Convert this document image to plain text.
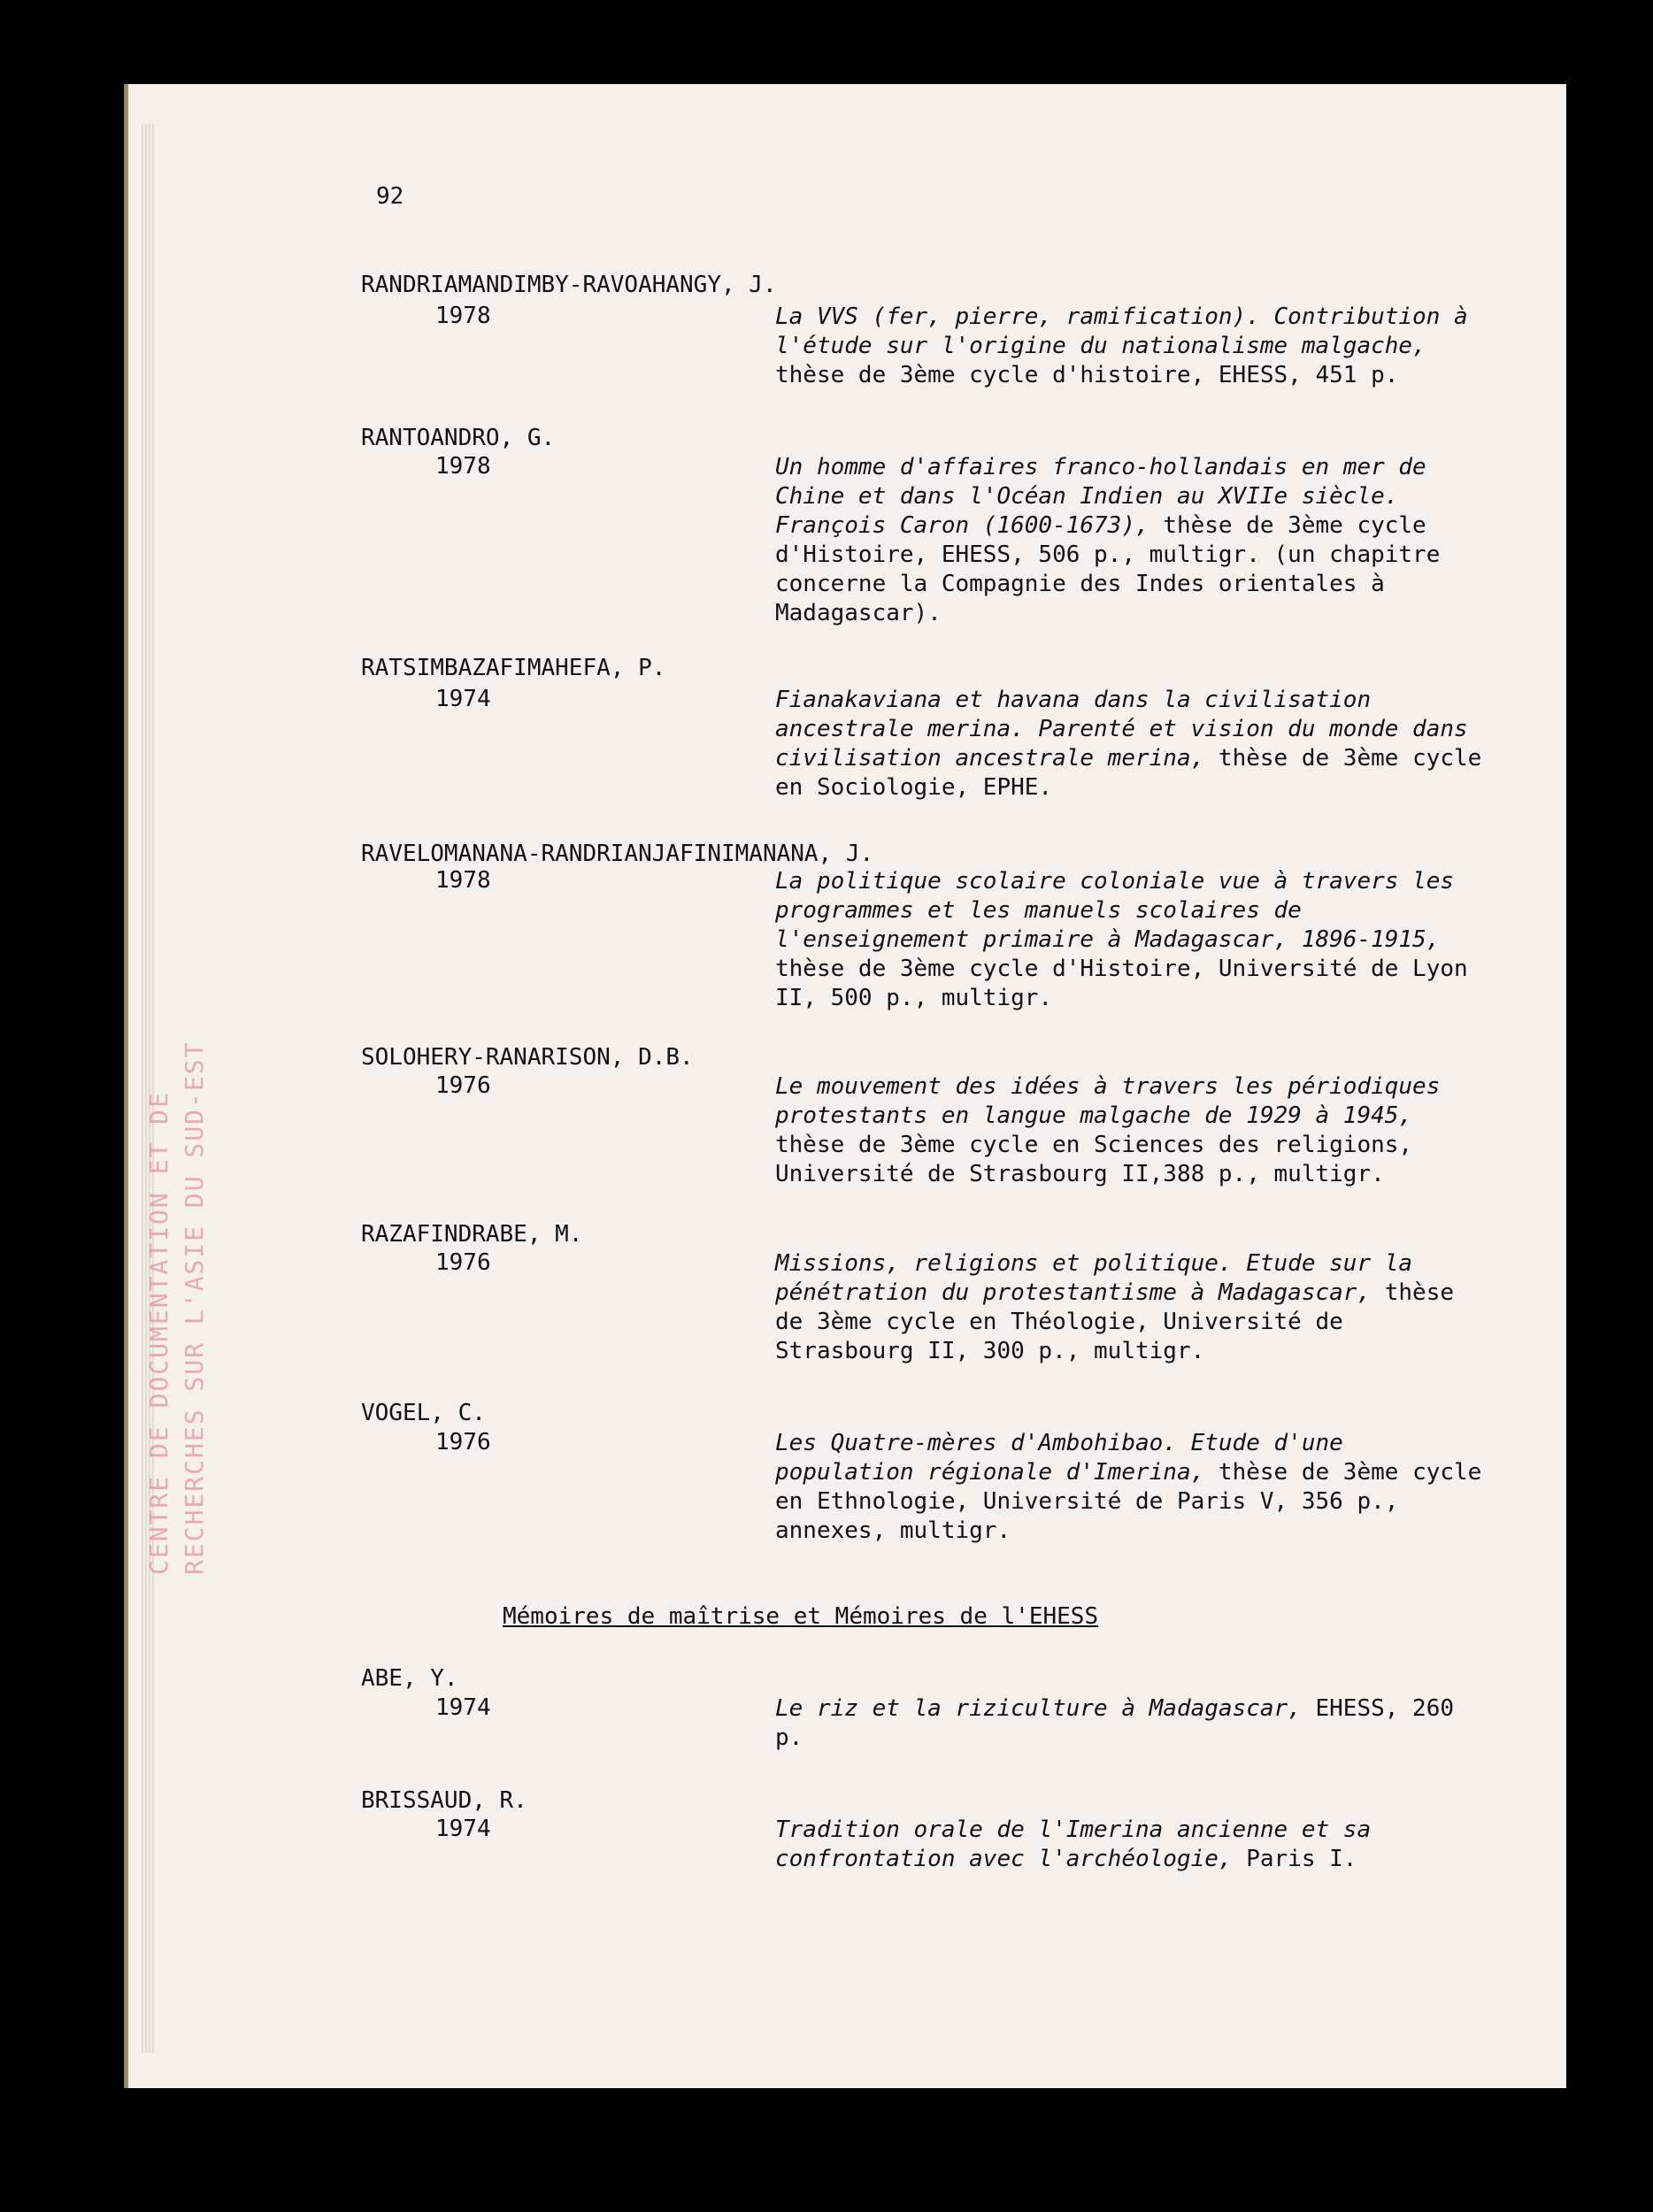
CENTRE DE DOCUMENTATION ET DE RECHERCHES SUR L'ASIE DU SUD-EST
92
RANDRIAMANDIMBY-RAVOAHANGY, J.
1978	La VVS (fer, pierre, ramification). Contribution à l'étude sur l'origine du nationalisme malgache, thèse de 3ème cycle d'histoire, EHESS, 451 p.
RANTOANDRO, G.
1978	Un homme d'affaires franco-hollandais en mer de Chine et dans l'Océan Indien au XVIIe siècle. François Caron (1600-1673), thèse de 3ème cycle d'Histoire, EHESS, 506 p., multigr. (un chapitre concerne la Compagnie des Indes orientales à Madagascar).
RATSIMBAZAFIMAHEFA, P.
1974	Fianakaviana et havana dans la civilisation ancestrale merina. Parenté et vision du monde dans civilisation ancestrale merina, thèse de 3ème cycle en Sociologie, EPHE.
RAVELOMANANA-RANDRIANJAFINIMANANA, J.
1978	La politique scolaire coloniale vue à travers les programmes et les manuels scolaires de l'enseignement primaire à Madagascar, 1896-1915, thèse de 3ème cycle d'Histoire, Université de Lyon II, 500 p., multigr.
SOLOHERY-RANARISON, D.B.
1976	Le mouvement des idées à travers les périodiques protestants en langue malgache de 1929 à 1945, thèse de 3ème cycle en Sciences des religions, Université de Strasbourg II,388 p., multigr.
RAZAFINDRABE, M.
1976	Missions, religions et politique. Etude sur la pénétration du protestantisme à Madagascar, thèse de 3ème cycle en Théologie, Université de Strasbourg II, 300 p., multigr.
VOGEL, C.
1976	Les Quatre-mères d'Ambohibao. Etude d'une population régionale d'Imerina, thèse de 3ème cycle en Ethnologie, Université de Paris V, 356 p., annexes, multigr.
Mémoires de maîtrise et Mémoires de l'EHESS
ABE, Y.
1974	Le riz et la riziculture à Madagascar, EHESS, 260 p.
BRISSAUD, R.
1974	Tradition orale de l'Imerina ancienne et sa confrontation avec l'archéologie, Paris I.
